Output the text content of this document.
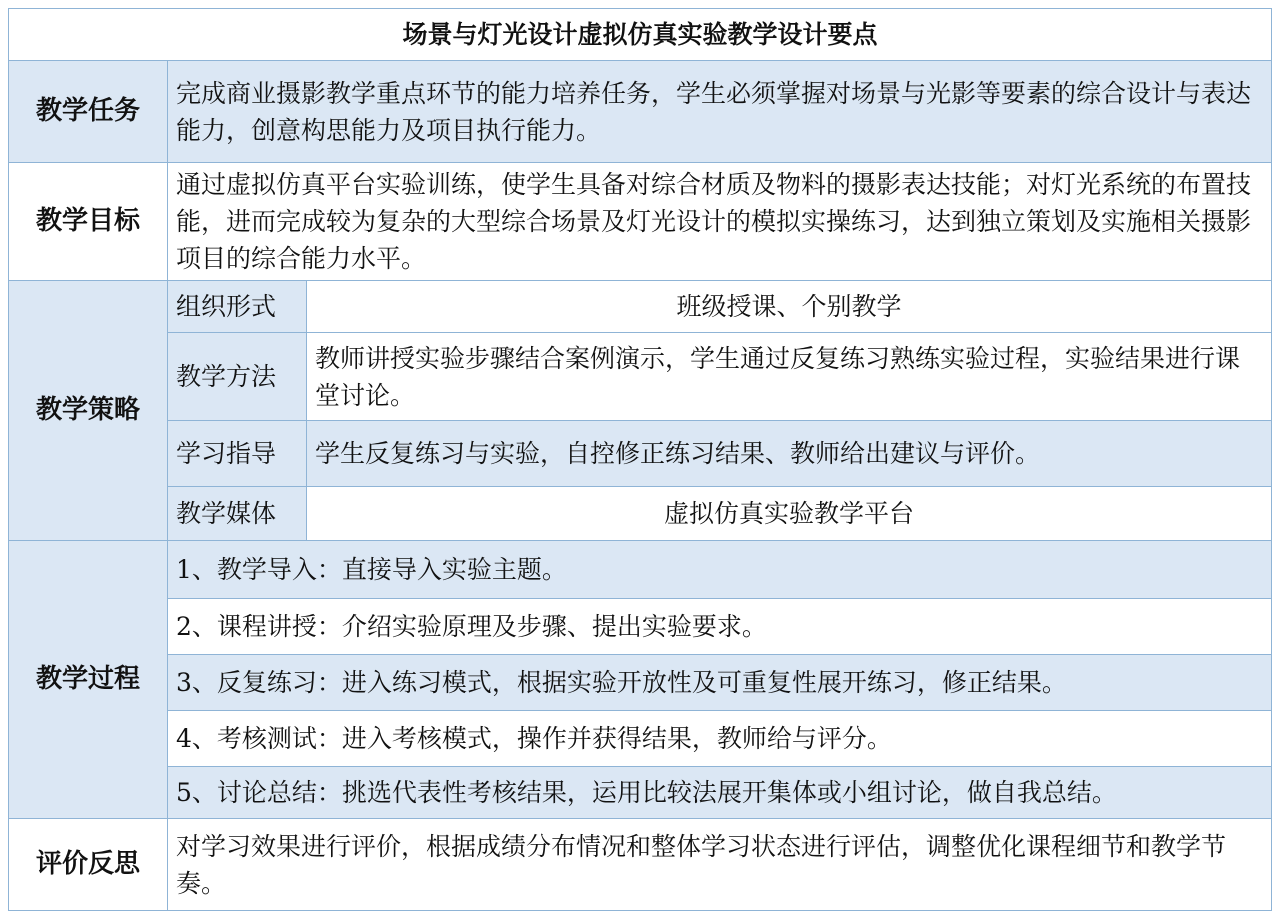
场景与灯光设计虚拟仿真实验教学设计要点		
教学任务	完成商业摄影教学重点环节的能力培养任务，学生必须掌握对场景与光影等要素的综合设计与表达能力，创意构思能力及项目执行能力。	
教学目标	通过虚拟仿真平台实验训练，使学生具备对综合材质及物料的摄影表达技能；对灯光系统的布置技能，进而完成较为复杂的大型综合场景及灯光设计的模拟实操练习，达到独立策划及实施相关摄影项目的综合能力水平。	
教学策略	组织形式	班级授课、个别教学
	教学方法	教师讲授实验步骤结合案例演示，学生通过反复练习熟练实验过程，实验结果进行课堂讨论。
	学习指导	学生反复练习与实验，自控修正练习结果、教师给出建议与评价。
	教学媒体	虚拟仿真实验教学平台
教学过程	1、教学导入：直接导入实验主题。	
	2、课程讲授：介绍实验原理及步骤、提出实验要求。	
	3、反复练习：进入练习模式，根据实验开放性及可重复性展开练习，修正结果。	
	4、考核测试：进入考核模式，操作并获得结果，教师给与评分。	
	5、讨论总结：挑选代表性考核结果，运用比较法展开集体或小组讨论，做自我总结。	
评价反思	对学习效果进行评价，根据成绩分布情况和整体学习状态进行评估，调整优化课程细节和教学节奏。	
